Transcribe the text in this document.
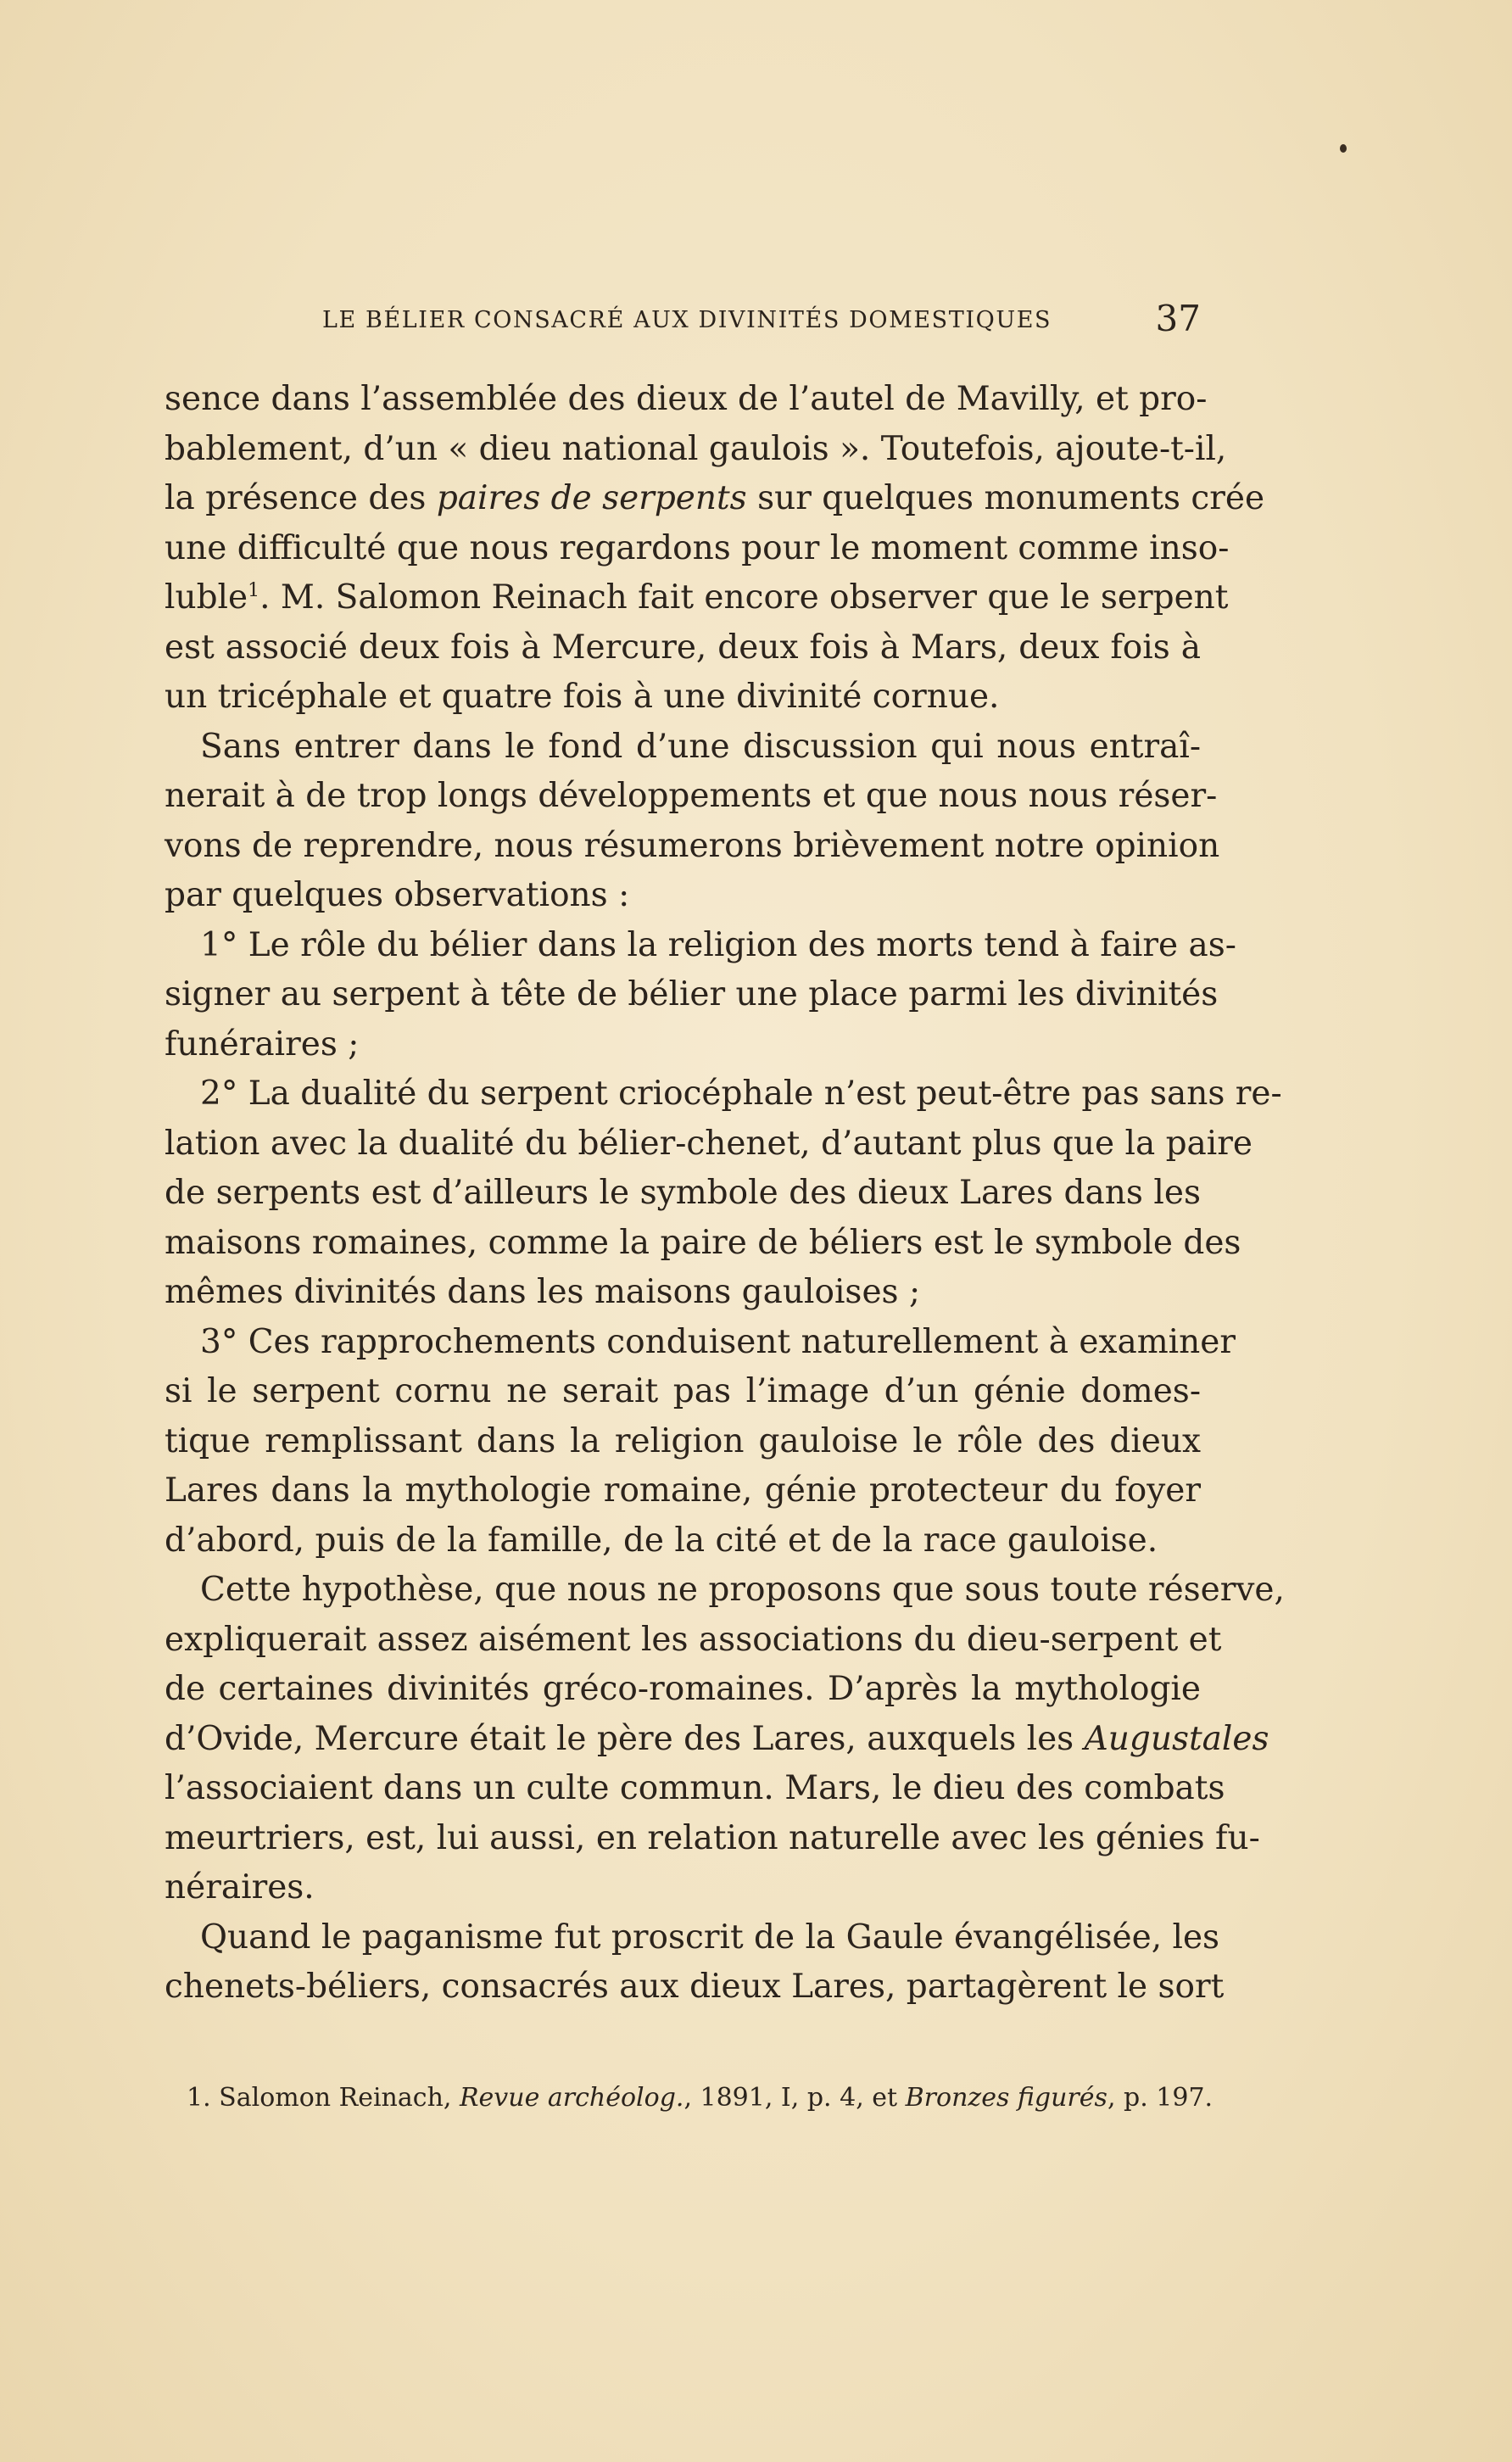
LE BÉLIER CONSACRÉ AUX DIVINITÉS DOMESTIQUES	37
sence dans l’assemblée des dieux de l’autel de Mavilly, et pro-
bablement, d’un « dieu national gaulois ». Toutefois, ajoute-t-il,
la présence des paires de serpents sur quelques monuments crée
une difficulté que nous regardons pour le moment comme inso-
luble$^1$. M. Salomon Reinach fait encore observer que le serpent
est associé deux fois à Mercure, deux fois à Mars, deux fois à
un tricéphale et quatre fois à une divinité cornue.
Sans entrer dans le fond d’une discussion qui nous entraî-
nerait à de trop longs développements et que nous nous réser-
vons de reprendre, nous résumerons brièvement notre opinion
par quelques observations :
1° Le rôle du bélier dans la religion des morts tend à faire as-
signer au serpent à tête de bélier une place parmi les divinités
funéraires ;
2° La dualité du serpent criocéphale n’est peut-être pas sans re-
lation avec la dualité du bélier-chenet, d’autant plus que la paire
de serpents est d’ailleurs le symbole des dieux Lares dans les
maisons romaines, comme la paire de béliers est le symbole des
mêmes divinités dans les maisons gauloises ;
3° Ces rapprochements conduisent naturellement à examiner
si le serpent cornu ne serait pas l’image d’un génie domes-
tique remplissant dans la religion gauloise le rôle des dieux
Lares dans la mythologie romaine, génie protecteur du foyer
d’abord, puis de la famille, de la cité et de la race gauloise.
Cette hypothèse, que nous ne proposons que sous toute réserve,
expliquerait assez aisément les associations du dieu-serpent et
de certaines divinités gréco-romaines. D’après la mythologie
d’Ovide, Mercure était le père des Lares, auxquels les Augustales
l’associaient dans un culte commun. Mars, le dieu des combats
meurtriers, est, lui aussi, en relation naturelle avec les génies fu-
néraires.
Quand le paganisme fut proscrit de la Gaule évangélisée, les
chenets-béliers, consacrés aux dieux Lares, partagèrent le sort
1. Salomon Reinach, Revue archéolog., 1891, I, p. 4, et Bronzes figurés, p. 197.
